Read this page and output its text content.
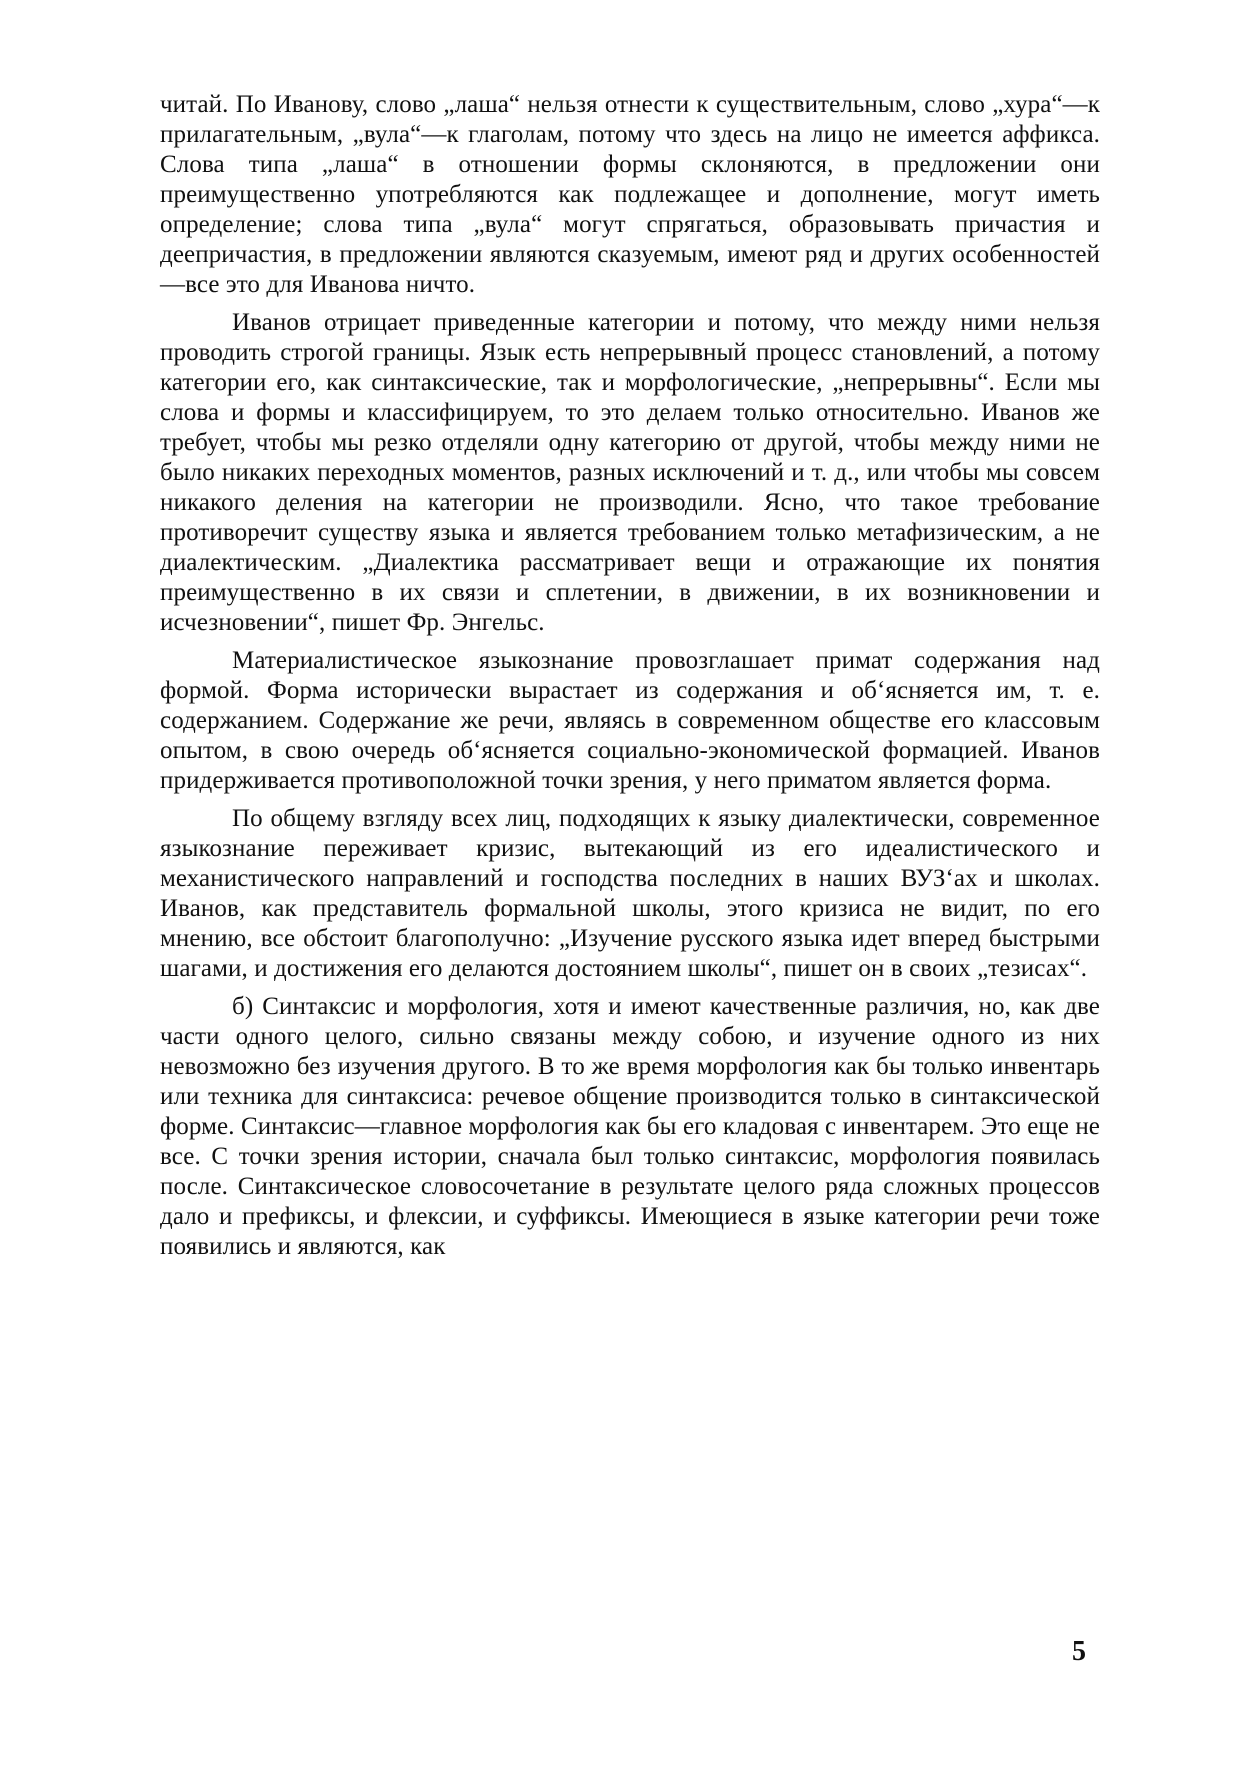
читай. По Иванову, слово „лаша“ нельзя отнести к существительным, слово „хура“—к прилагательным, „вула“—к глаголам, потому что здесь на лицо не имеется аффикса. Слова типа „лаша“ в отношении формы склоняются, в предложении они преимущественно употребляются как подлежащее и дополнение, могут иметь определение; слова типа „вула“ могут спрягаться, образовывать причастия и деепричастия, в предложении являются сказуемым, имеют ряд и других особенностей—все это для Иванова ничто.

Иванов отрицает приведенные категории и потому, что между ними нельзя проводить строгой границы. Язык есть непрерывный процесс становлений, а потому категории его, как синтаксические, так и морфологические, „непрерывны“. Если мы слова и формы и классифицируем, то это делаем только относительно. Иванов же требует, чтобы мы резко отделяли одну категорию от другой, чтобы между ними не было никаких переходных моментов, разных исключений и т. д., или чтобы мы совсем никакого деления на категории не производили. Ясно, что такое требование противоречит существу языка и является требованием только метафизическим, а не диалектическим. „Диалектика рассматривает вещи и отражающие их понятия преимущественно в их связи и сплетении, в движении, в их возникновении и исчезновении“, пишет Фр. Энгельс.

Материалистическое языкознание провозглашает примат содержания над формой. Форма исторически вырастает из содержания и об‘ясняется им, т. е. содержанием. Содержание же речи, являясь в современном обществе его классовым опытом, в свою очередь об‘ясняется социально-экономической формацией. Иванов придерживается противоположной точки зрения, у него приматом является форма.

По общему взгляду всех лиц, подходящих к языку диалектически, современное языкознание переживает кризис, вытекающий из его идеалистического и механистического направлений и господства последних в наших ВУЗ‘ах и школах. Иванов, как представитель формальной школы, этого кризиса не видит, по его мнению, все обстоит благополучно: „Изучение русского языка идет вперед быстрыми шагами, и достижения его делаются достоянием школы“, пишет он в своих „тезисах“.

б) Синтаксис и морфология, хотя и имеют качественные различия, но, как две части одного целого, сильно связаны между собою, и изучение одного из них невозможно без изучения другого. В то же время морфология как бы только инвентарь или техника для синтаксиса: речевое общение производится только в синтаксической форме. Синтаксис—главное морфология как бы его кладовая с инвентарем. Это еще не все. С точки зрения истории, сначала был только синтаксис, морфология появилась после. Синтаксическое словосочетание в результате целого ряда сложных процессов дало и префиксы, и флексии, и суффиксы. Имеющиеся в языке категории речи тоже появились и являются, как

5
